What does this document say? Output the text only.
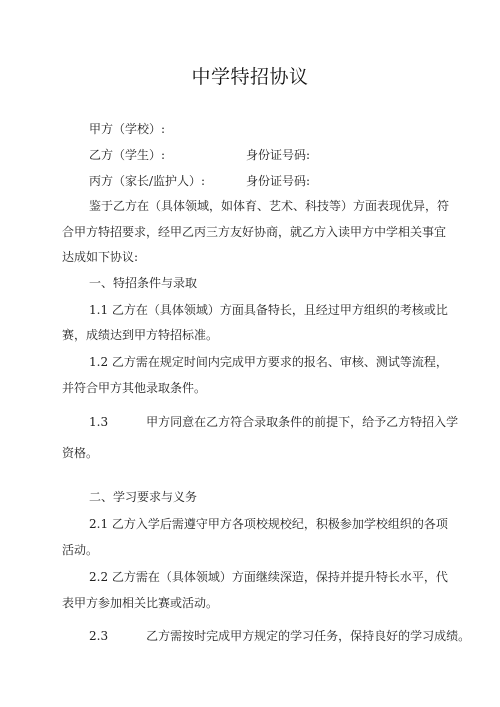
中学特招协议
甲方（学校）:
乙方（学生）:	身份证号码:
丙方（家长/监护人）:	身份证号码:
鉴于乙方在（具体领域，如体育、艺术、科技等）方面表现优异，符
合甲方特招要求，经甲乙丙三方友好协商，就乙方入读甲方中学相关事宜
达成如下协议:
一、特招条件与录取
1.1 乙方在（具体领域）方面具备特长，且经过甲方组织的考核或比
赛，成绩达到甲方特招标准。
1.2 乙方需在规定时间内完成甲方要求的报名、审核、测试等流程，
并符合甲方其他录取条件。
1.3	甲方同意在乙方符合录取条件的前提下，给予乙方特招入学
资格。
二、学习要求与义务
2.1 乙方入学后需遵守甲方各项校规校纪，积极参加学校组织的各项
活动。
2.2 乙方需在（具体领域）方面继续深造，保持并提升特长水平，代
表甲方参加相关比赛或活动。
2.3	乙方需按时完成甲方规定的学习任务，保持良好的学习成绩。
